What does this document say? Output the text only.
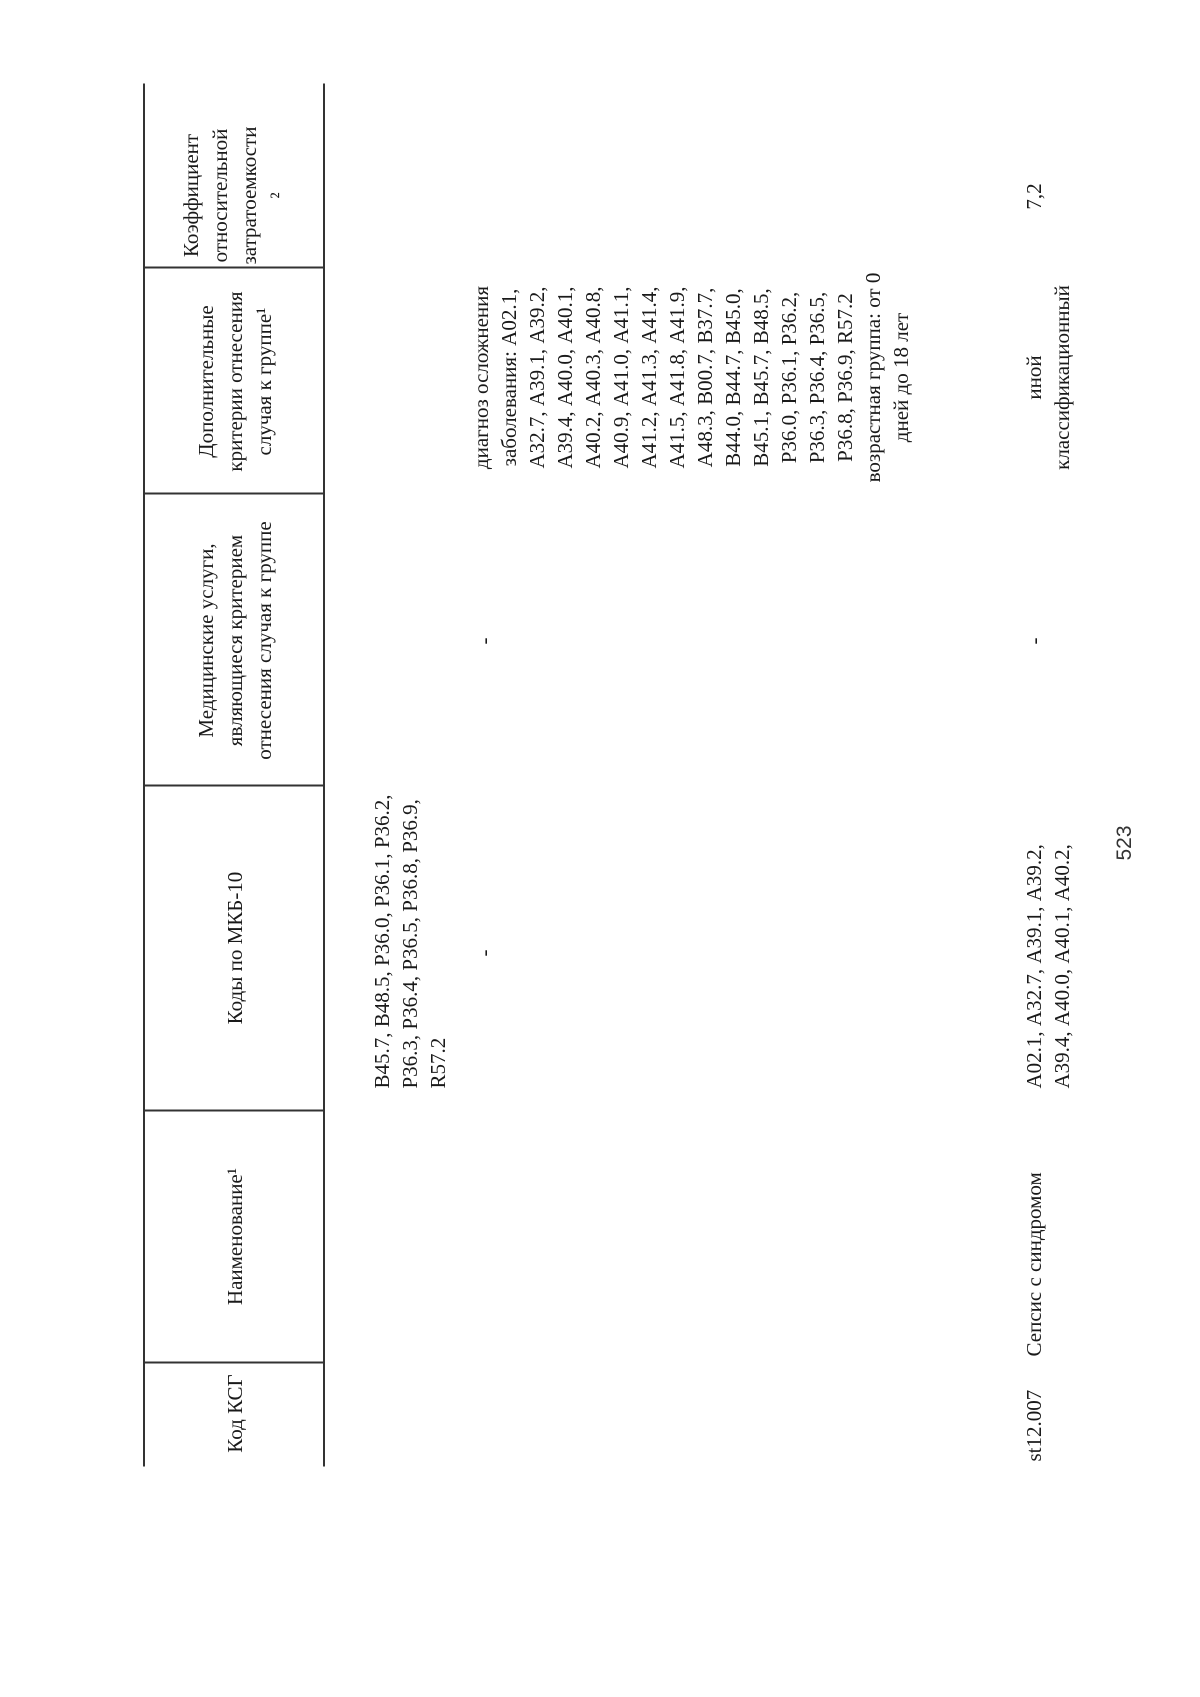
523
Код КСГ
Наименование¹
Коды по МКБ-10
Медицинские услуги, являющиеся критерием отнесения случая к группе
Дополнительные критерии отнесения случая к группе¹
Коэффициент относительной затратоемкости²
В45.7, В48.5, Р36.0, Р36.1, Р36.2, Р36.3, Р36.4, Р36.5, Р36.8, Р36.9, R57.2
-
-
диагноз осложнения заболевания: А02.1, А32.7, А39.1, А39.2, А39.4, А40.0, А40.1, А40.2, А40.3, А40.8, А40.9, А41.0, А41.1, А41.2, А41.3, А41.4, А41.5, А41.8, А41.9, А48.3, В00.7, В37.7, В44.0, В44.7, В45.0, В45.1, В45.7, В48.5, Р36.0, Р36.1, Р36.2, Р36.3, Р36.4, Р36.5, Р36.8, Р36.9, R57.2 возрастная группа: от 0 дней до 18 лет
st12.007
Сепсис с синдромом
А02.1, А32.7, А39.1, А39.2, А39.4, А40.0, А40.1, А40.2,
-
иной классификационный
7,2
